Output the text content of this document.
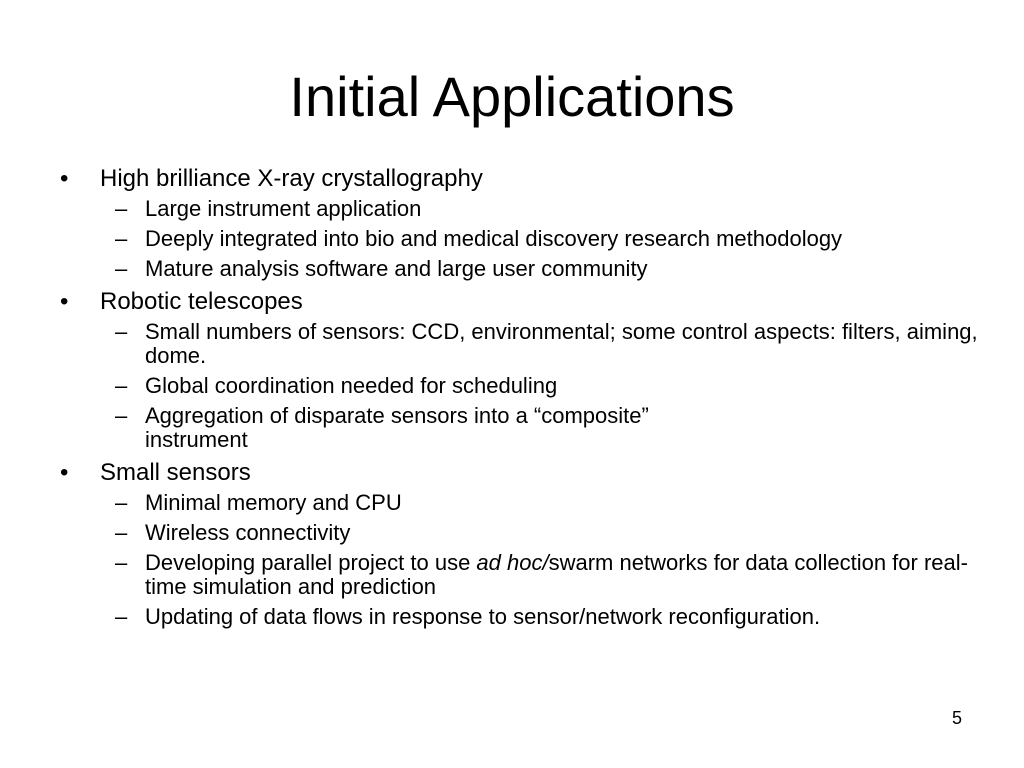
Initial Applications

• High brilliance X-ray crystallography

– Large instrument application

– Deeply integrated into bio and medical discovery research methodology

– Mature analysis software and large user community

• Robotic telescopes

– Small numbers of sensors: CCD, environmental; some control aspects: filters, aiming, dome.

– Global coordination needed for scheduling

– Aggregation of disparate sensors into a “composite”
instrument

• Small sensors

– Minimal memory and CPU

– Wireless connectivity

– Developing parallel project to use ad hoc/swarm networks for data collection for real-time simulation and prediction

– Updating of data flows in response to sensor/network reconfiguration.

5
